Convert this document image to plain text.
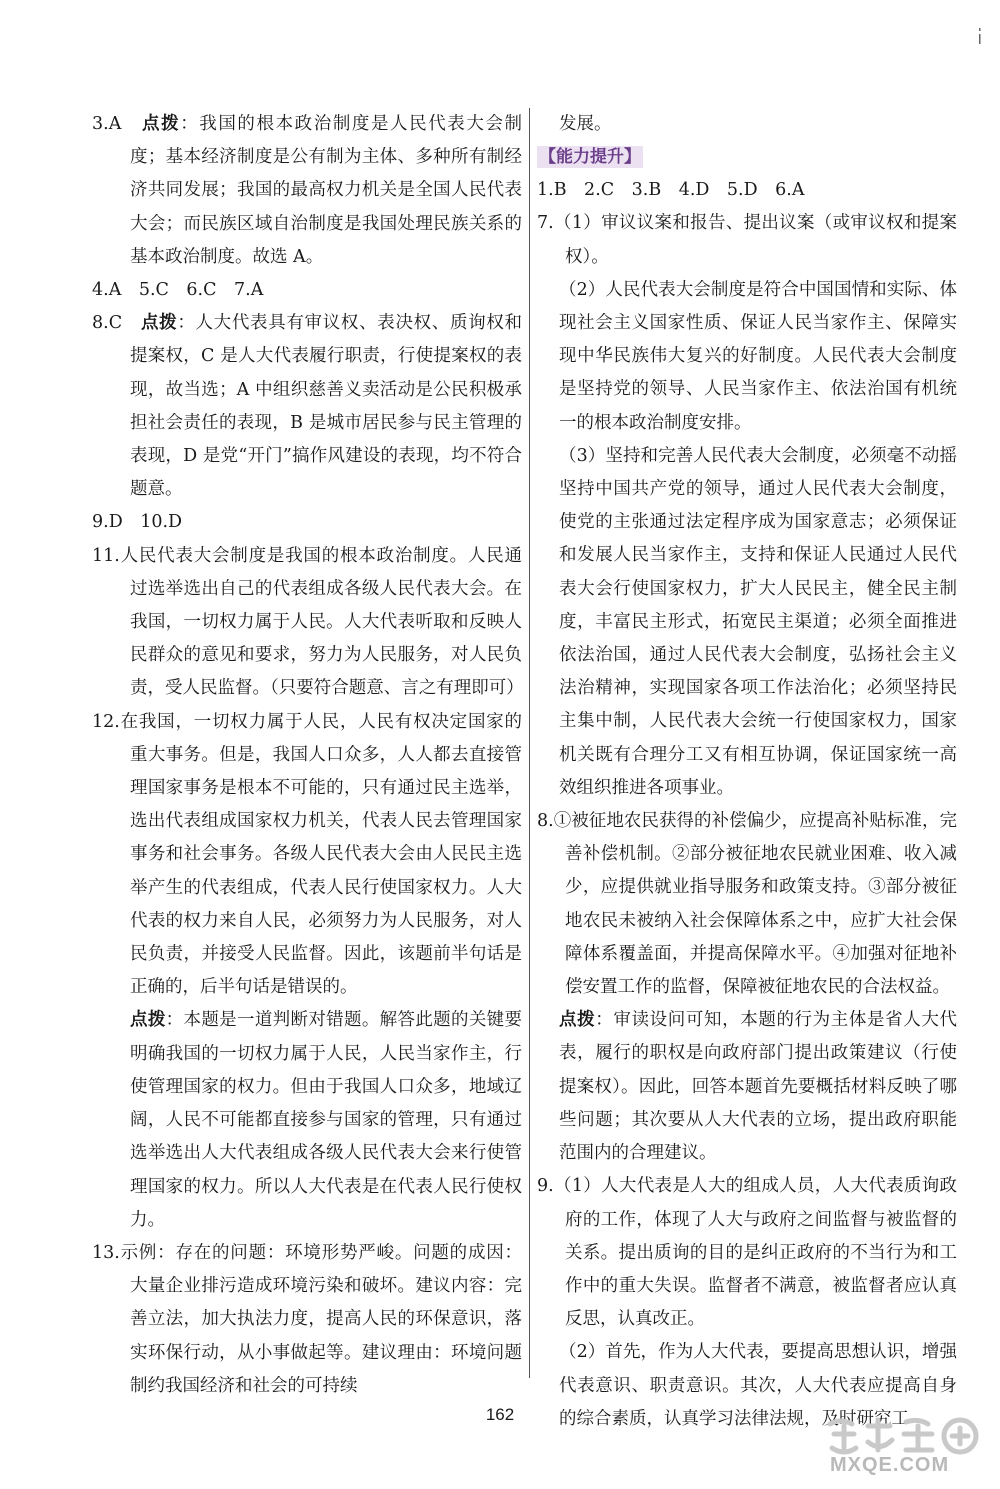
3.A　 点拨：我国的根本政治制度是人民代表大会制度；基本经济制度是公有制为主体、多种所有制经济共同发展；我国的最高权力机关是全国人民代表大会；而民族区域自治制度是我国处理民族关系的基本政治制度。故选 A。

4.A　5.C　6.C　7.A

8.C　 点拨：人大代表具有审议权、表决权、质询权和提案权，C 是人大代表履行职责，行使提案权的表现，故当选；A 中组织慈善义卖活动是公民积极承担社会责任的表现，B 是城市居民参与民主管理的表现，D 是党“开门”搞作风建设的表现，均不符合题意。

9.D　10.D

11.人民代表大会制度是我国的根本政治制度。人民通过选举选出自己的代表组成各级人民代表大会。在我国，一切权力属于人民。人大代表听取和反映人民群众的意见和要求，努力为人民服务，对人民负责，受人民监督。（只要符合题意、言之有理即可）

12.在我国，一切权力属于人民，人民有权决定国家的重大事务。但是，我国人口众多，人人都去直接管理国家事务是根本不可能的，只有通过民主选举，选出代表组成国家权力机关，代表人民去管理国家事务和社会事务。各级人民代表大会由人民民主选举产生的代表组成，代表人民行使国家权力。人大代表的权力来自人民，必须努力为人民服务，对人民负责，并接受人民监督。因此，该题前半句话是正确的，后半句话是错误的。

点拨：本题是一道判断对错题。解答此题的关键要明确我国的一切权力属于人民，人民当家作主，行使管理国家的权力。但由于我国人口众多，地域辽阔，人民不可能都直接参与国家的管理，只有通过选举选出人大代表组成各级人民代表大会来行使管理国家的权力。所以人大代表是在代表人民行使权力。

13.示例：存在的问题：环境形势严峻。问题的成因：大量企业排污造成环境污染和破坏。建议内容：完善立法，加大执法力度，提高人民的环保意识，落实环保行动，从小事做起等。建议理由：环境问题制约我国经济和社会的可持续

发展。

【能力提升】

1.B　2.C　3.B　4.D　5.D　6.A

7.（1）审议议案和报告、提出议案（或审议权和提案权）。

（2）人民代表大会制度是符合中国国情和实际、体现社会主义国家性质、保证人民当家作主、保障实现中华民族伟大复兴的好制度。人民代表大会制度是坚持党的领导、人民当家作主、依法治国有机统一的根本政治制度安排。

（3）坚持和完善人民代表大会制度，必须毫不动摇坚持中国共产党的领导，通过人民代表大会制度，使党的主张通过法定程序成为国家意志；必须保证和发展人民当家作主，支持和保证人民通过人民代表大会行使国家权力，扩大人民民主，健全民主制度，丰富民主形式，拓宽民主渠道；必须全面推进依法治国，通过人民代表大会制度，弘扬社会主义法治精神，实现国家各项工作法治化；必须坚持民主集中制，人民代表大会统一行使国家权力，国家机关既有合理分工又有相互协调，保证国家统一高效组织推进各项事业。

8.①被征地农民获得的补偿偏少，应提高补贴标准，完善补偿机制。②部分被征地农民就业困难、收入减少，应提供就业指导服务和政策支持。③部分被征地农民未被纳入社会保障体系之中，应扩大社会保障体系覆盖面，并提高保障水平。④加强对征地补偿安置工作的监督，保障被征地农民的合法权益。

点拨：审读设问可知，本题的行为主体是省人大代表，履行的职权是向政府部门提出政策建议（行使提案权）。因此，回答本题首先要概括材料反映了哪些问题；其次要从人大代表的立场，提出政府职能范围内的合理建议。

9.（1）人大代表是人大的组成人员，人大代表质询政府的工作，体现了人大与政府之间监督与被监督的关系。提出质询的目的是纠正政府的不当行为和工作中的重大失误。监督者不满意，被监督者应认真反思，认真改正。

（2）首先，作为人大代表，要提高思想认识，增强代表意识、职责意识。其次，人大代表应提高自身的综合素质，认真学习法律法规，及时研究工

162
MXQE.COM
